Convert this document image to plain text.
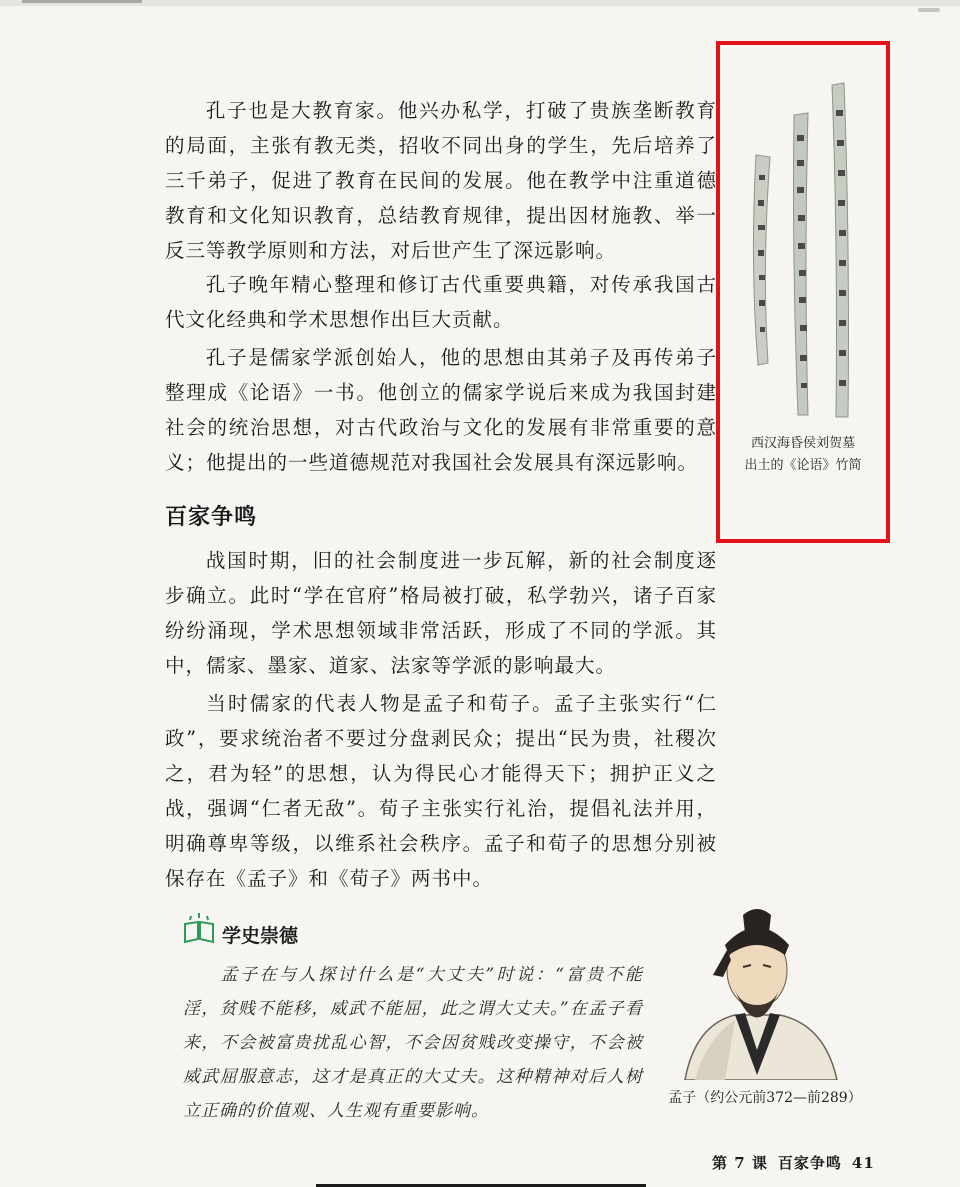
孔子也是大教育家。他兴办私学，打破了贵族垄断教育的局面，主张有教无类，招收不同出身的学生，先后培养了三千弟子，促进了教育在民间的发展。他在教学中注重道德教育和文化知识教育，总结教育规律，提出因材施教、举一反三等教学原则和方法，对后世产生了深远影响。

孔子晚年精心整理和修订古代重要典籍，对传承我国古代文化经典和学术思想作出巨大贡献。

孔子是儒家学派创始人，他的思想由其弟子及再传弟子整理成《论语》一书。他创立的儒家学说后来成为我国封建社会的统治思想，对古代政治与文化的发展有非常重要的意义；他提出的一些道德规范对我国社会发展具有深远影响。

百家争鸣

战国时期，旧的社会制度进一步瓦解，新的社会制度逐步确立。此时“学在官府”格局被打破，私学勃兴，诸子百家纷纷涌现，学术思想领域非常活跃，形成了不同的学派。其中，儒家、墨家、道家、法家等学派的影响最大。

当时儒家的代表人物是孟子和荀子。孟子主张实行“仁政”，要求统治者不要过分盘剥民众；提出“民为贵，社稷次之，君为轻”的思想，认为得民心才能得天下；拥护正义之战，强调“仁者无敌”。荀子主张实行礼治，提倡礼法并用，明确尊卑等级，以维系社会秩序。孟子和荀子的思想分别被保存在《孟子》和《荀子》两书中。

西汉海昏侯刘贺墓
出土的《论语》竹简
学史崇德

孟子在与人探讨什么是“大丈夫”时说：“富贵不能淫，贫贱不能移，威武不能屈，此之谓大丈夫。”在孟子看来，不会被富贵扰乱心智，不会因贫贱改变操守，不会被威武屈服意志，这才是真正的大丈夫。这种精神对后人树立正确的价值观、人生观有重要影响。

孟子（约公元前372—前289）
第 7 课 百家争鸣 41
